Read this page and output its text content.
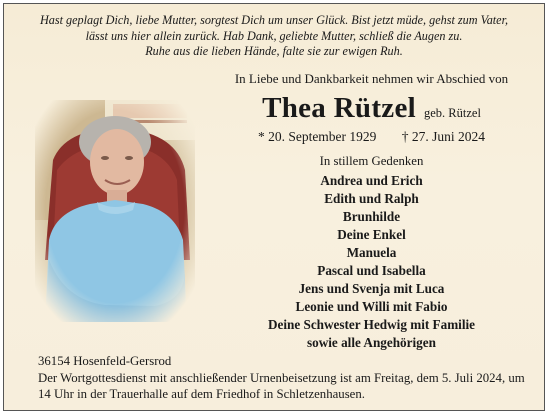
Hast geplagt Dich, liebe Mutter, sorgtest Dich um unser Glück. Bist jetzt müde, gehst zum Vater,
lässt uns hier allein zurück. Hab Dank, geliebte Mutter, schließ die Augen zu.
Ruhe aus die lieben Hände, falte sie zur ewigen Ruh.
In Liebe und Dankbarkeit nehmen wir Abschied von
Thea Rützel geb. Rützel
* 20. September 1929 † 27. Juni 2024
In stillem Gedenken
Andrea und Erich
Edith und Ralph
Brunhilde
Deine Enkel
Manuela
Pascal und Isabella
Jens und Svenja mit Luca
Leonie und Willi mit Fabio
Deine Schwester Hedwig mit Familie
sowie alle Angehörigen
36154 Hosenfeld-Gersrod
Der Wortgottesdienst mit anschließender Urnenbeisetzung ist am Freitag, dem 5. Juli 2024, um
14 Uhr in der Trauerhalle auf dem Friedhof in Schletzenhausen.
